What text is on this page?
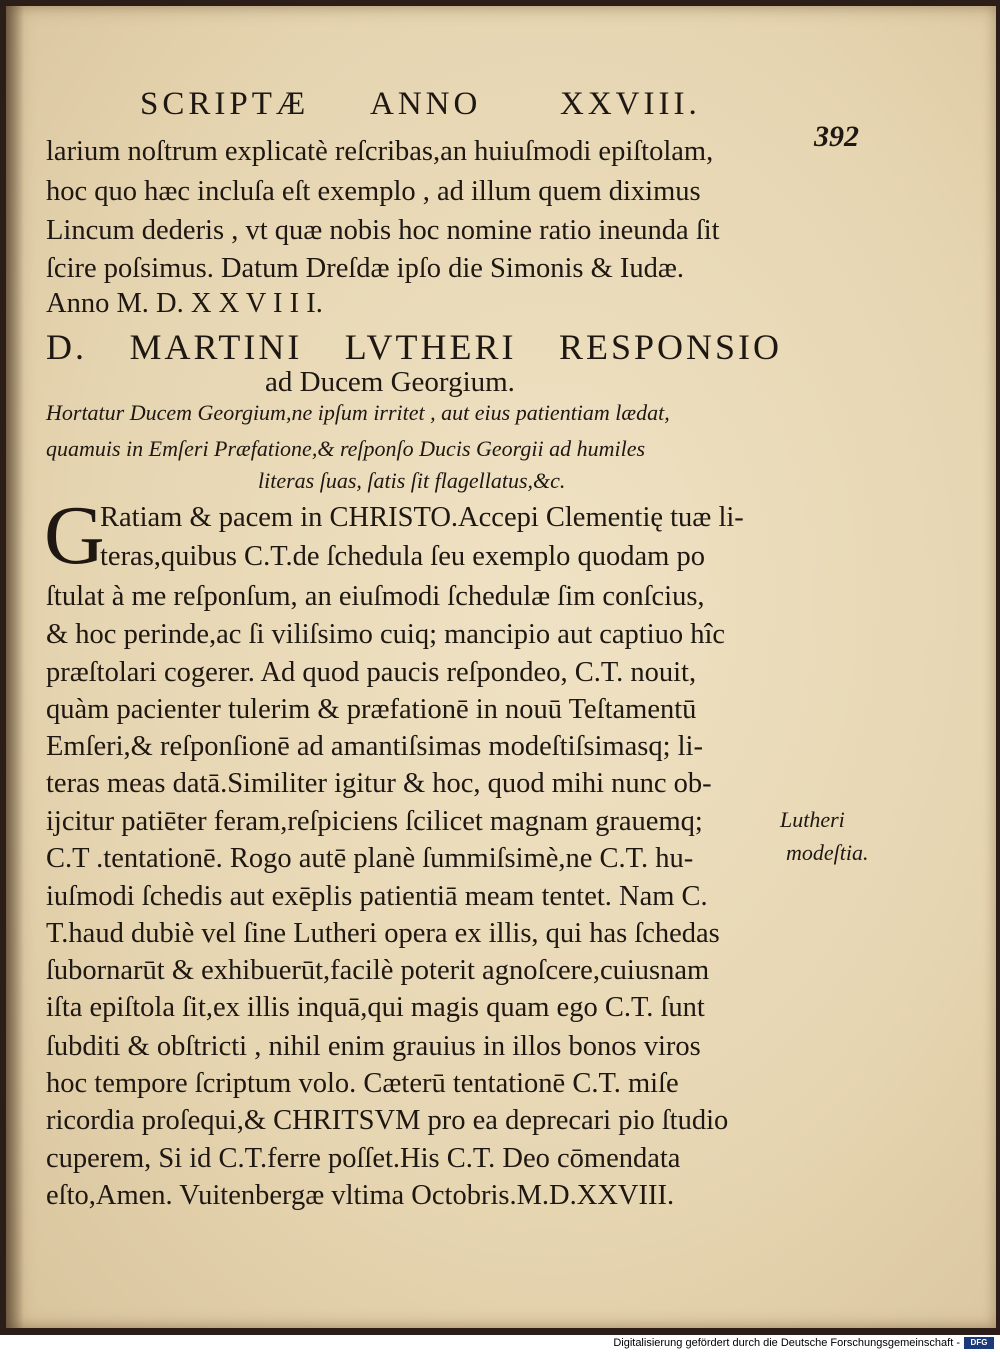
SCRIPTÆ ANNO XXVIII.
392
larium noſtrum explicatè reſcribas,an huiuſmodi epiſtolam,
hoc quo hæc incluſa eſt exemplo , ad illum quem diximus
Lincum dederis , vt quæ nobis hoc nomine ratio ineunda ſit
ſcire poſsimus. Datum Dreſdæ ipſo die Simonis & Iudæ.
Anno M. D. X X V I I I.
D. MARTINI LVTHERI RESPONSIO
ad Ducem Georgium.
Hortatur Ducem Georgium,ne ipſum irritet , aut eius patientiam lædat,
quamuis in Emſeri Præfatione,& reſponſo Ducis Georgii ad humiles
literas ſuas, ſatis ſit flagellatus,&c.
G
Ratiam & pacem in CHRISTO.Accepi Clementię tuæ li-
teras,quibus C.T.de ſchedula ſeu exemplo quodam po
ſtulat à me reſponſum, an eiuſmodi ſchedulæ ſim conſcius,
& hoc perinde,ac ſi viliſsimo cuiq; mancipio aut captiuo hîc
præſtolari cogerer. Ad quod paucis reſpondeo, C.T. nouit,
quàm pacienter tulerim & præfationē in nouū Teſtamentū
Emſeri,& reſponſionē ad amantiſsimas modeſtiſsimasq; li-
teras meas datā.Similiter igitur & hoc, quod mihi nunc ob-
ijcitur patiēter feram,reſpiciens ſcilicet magnam grauemq;
C.T .tentationē. Rogo autē planè ſummiſsimè,ne C.T. hu-
iuſmodi ſchedis aut exēplis patientiā meam tentet. Nam C.
T.haud dubiè vel ſine Lutheri opera ex illis, qui has ſchedas
ſubornarūt & exhibuerūt,facilè poterit agnoſcere,cuiusnam
iſta epiſtola ſit,ex illis inquā,qui magis quam ego C.T. ſunt
ſubditi & obſtricti , nihil enim grauius in illos bonos viros
hoc tempore ſcriptum volo. Cæterū tentationē C.T. miſe
ricordia proſequi,& CHRITSVM pro ea deprecari pio ſtudio
cuperem, Si id C.T.ferre poſſet.His C.T. Deo cōmendata
eſto,Amen. Vuitenbergæ vltima Octobris.M.D.XXVIII.
Lutheri
modeſtia.
Digitalisierung gefördert durch die Deutsche Forschungsgemeinschaft -	DFG
